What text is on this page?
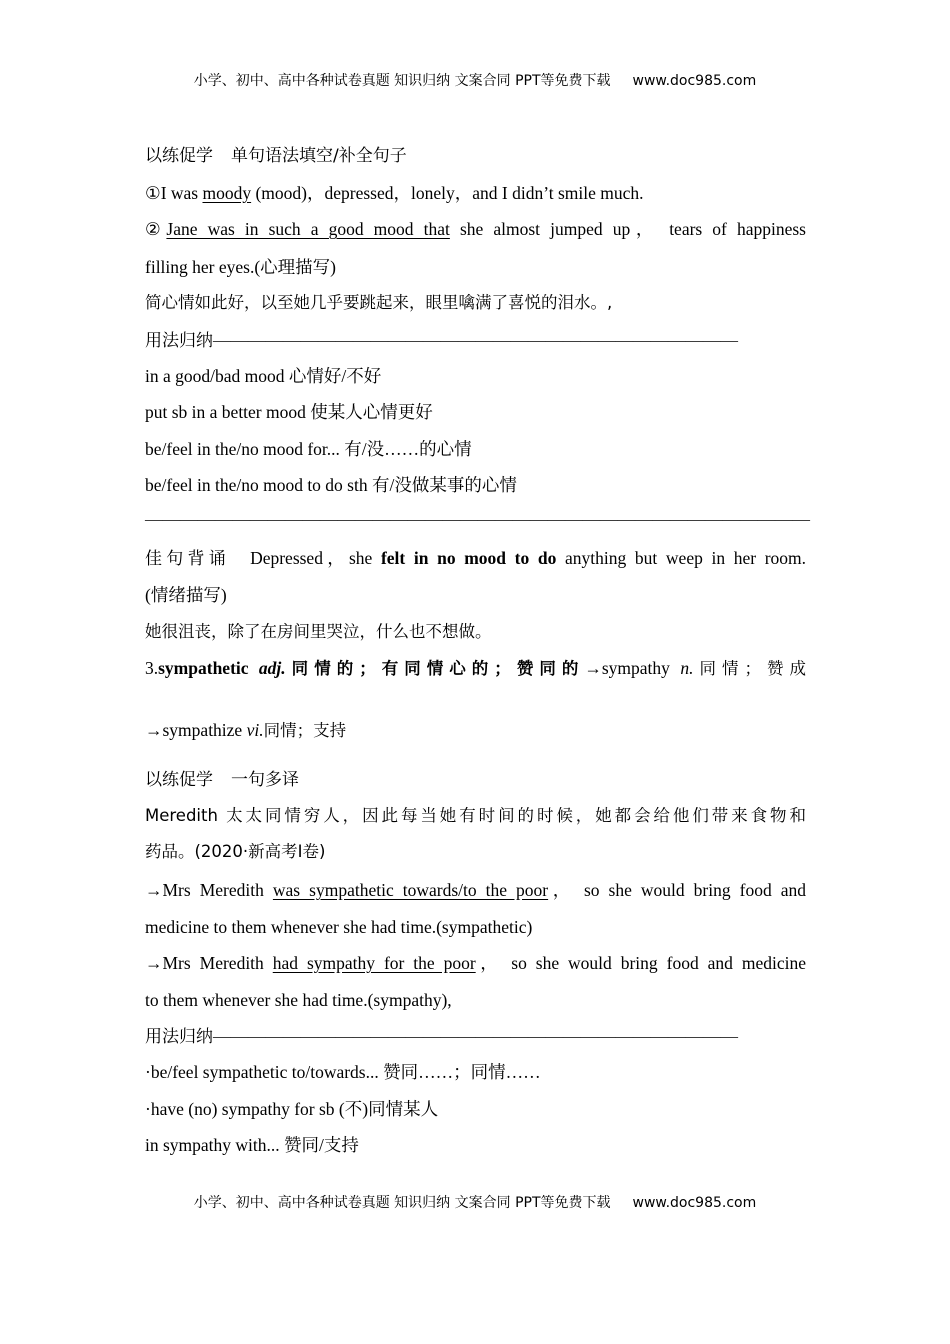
小学、初中、高中各种试卷真题 知识归纳 文案合同 PPT等免费下载 www.doc985.com
以练促学 单句语法填空/补全句子
①I was moody (mood)，depressed，lonely，and I didn’t smile much.
②Jane was in such a good mood that she almost jumped up， tears of happiness
filling her eyes.(心理描写)
简心情如此好，以至她几乎要跳起来，眼里噙满了喜悦的泪水。,
用法归纳——————————————————————————————
in a good/bad mood 心情好/不好
put sb in a better mood 使某人心情更好
be/feel in the/no mood for... 有/没……的心情
be/feel in the/no mood to do sth 有/没做某事的心情
——————————————————————————————————————
佳句背诵 Depressed，she felt in no mood to do anything but weep in her room.
(情绪描写)
她很沮丧，除了在房间里哭泣，什么也不想做。
3.sympathetic adj.同情的；有同情心的；赞同的→sympathy n.同情；赞成
→sympathize vi.同情；支持
以练促学 一句多译
Meredith 太太同情穷人，因此每当她有时间的时候，她都会给他们带来食物和
药品。(2020·新高考Ⅰ卷)
→Mrs Meredith was sympathetic towards/to the poor， so she would bring food and
medicine to them whenever she had time.(sympathetic)
→Mrs Meredith had sympathy for the poor， so she would bring food and medicine
to them whenever she had time.(sympathy),
用法归纳——————————————————————————————
·be/feel sympathetic to/towards... 赞同……；同情……
·have (no) sympathy for sb (不)同情某人
in sympathy with... 赞同/支持
小学、初中、高中各种试卷真题 知识归纳 文案合同 PPT等免费下载 www.doc985.com
